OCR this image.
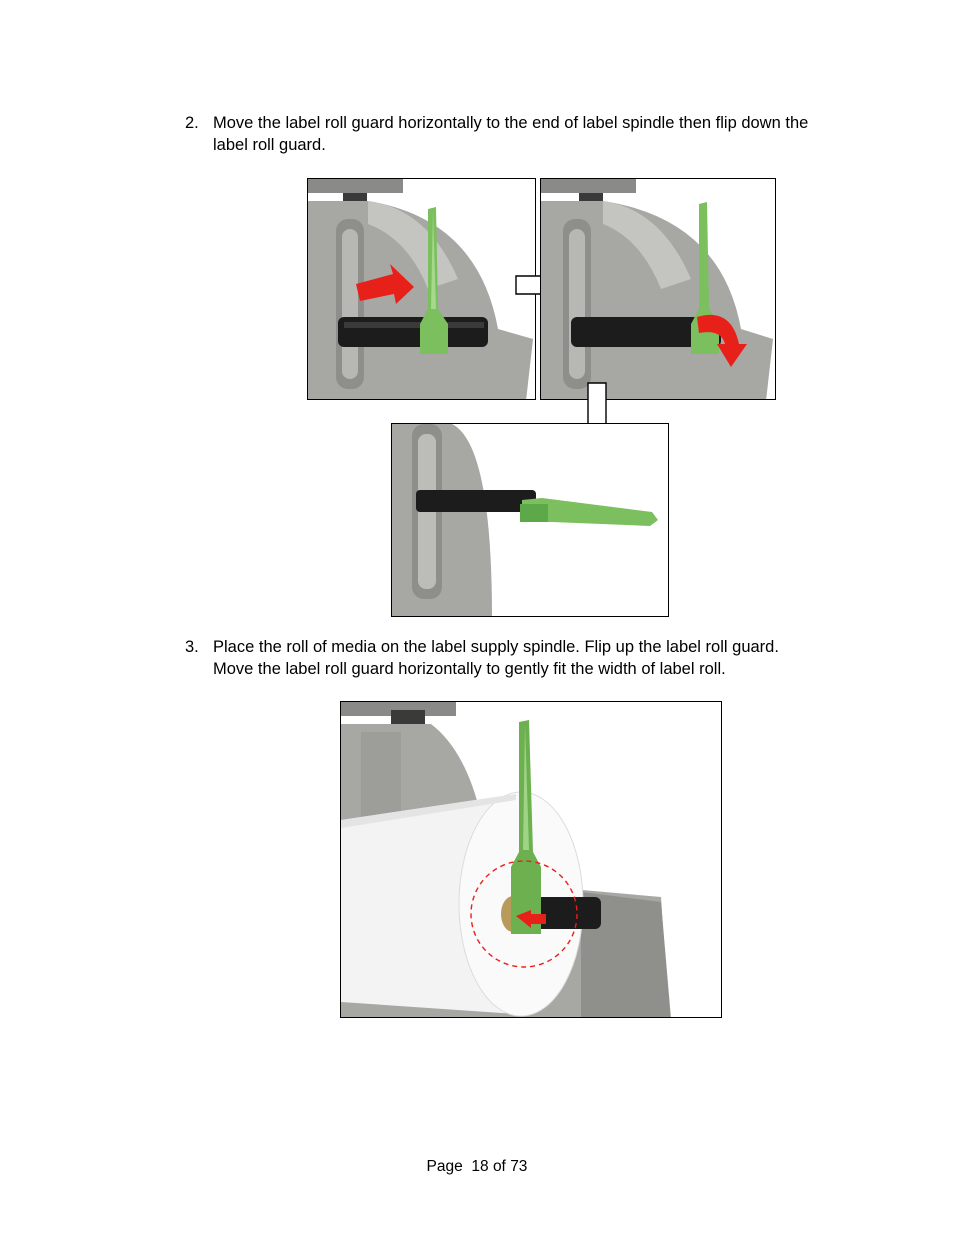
2. Move the label roll guard horizontally to the end of label spindle then flip down the
label roll guard.
3. Place the roll of media on the label supply spindle. Flip up the label roll guard.
Move the label roll guard horizontally to gently fit the width of label roll.
Page 18 of 73
